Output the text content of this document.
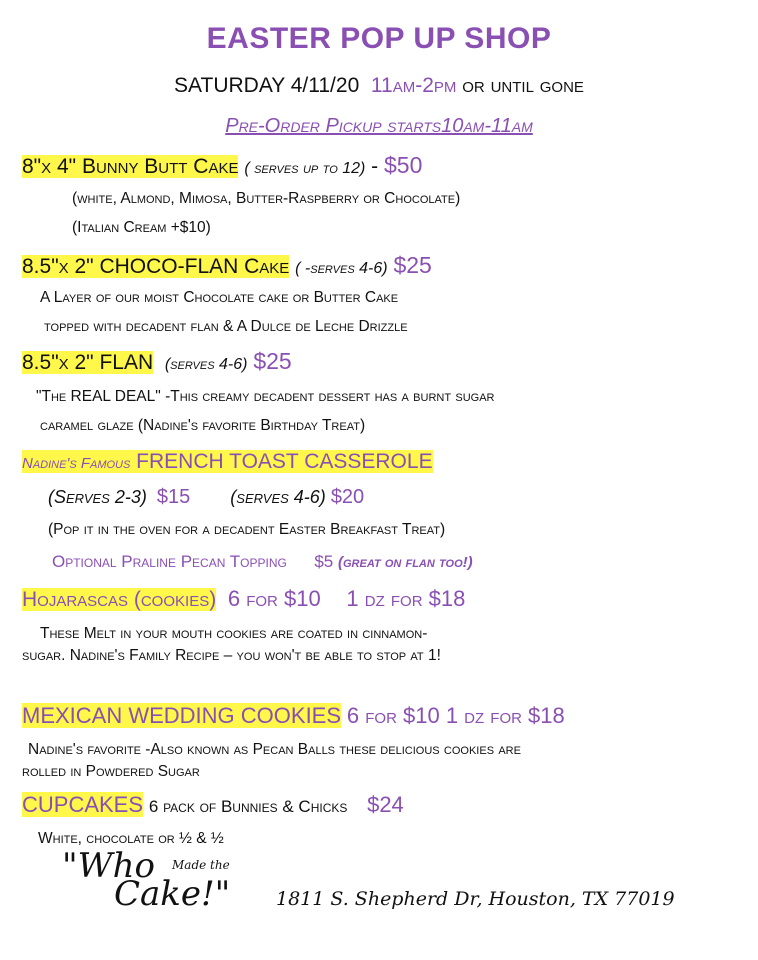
EASTER POP UP SHOP
SATURDAY 4/11/20 11am-2pm or until gone
Pre-Order Pickup starts10am-11am
8"x 4" Bunny Butt Cake ( serves up to 12) - $50
(white, Almond, Mimosa, Butter-Raspberry or Chocolate)
(Italian Cream +$10)
8.5"x 2" CHOCO-FLAN Cake ( -serves 4-6) $25
A Layer of our moist Chocolate cake or Butter Cake
topped with decadent flan & A Dulce de Leche Drizzle
8.5"x 2" FLAN (serves 4-6) $25
"The REAL DEAL" -This creamy decadent dessert has a burnt sugar
caramel glaze (Nadine's favorite Birthday Treat)
Nadine's Famous FRENCH TOAST CASSEROLE
(Serves 2-3) $15 (serves 4-6) $20
(Pop it in the oven for a decadent Easter Breakfast Treat)
Optional Praline Pecan Topping $5 (great on flan too!)
Hojarascas (cookies) 6 for $10 1 dz for $18
These Melt in your mouth cookies are coated in cinnamon-
sugar. Nadine's Family Recipe – you won't be able to stop at 1!
MEXICAN WEDDING COOKIES 6 for $10 1 dz for $18
Nadine's favorite -Also known as Pecan Balls these delicious cookies are
rolled in Powdered Sugar
CUPCAKES 6 pack of Bunnies & Chicks $24
White, chocolate or ½ & ½
"Who Made the
Cake!" 1811 S. Shepherd Dr, Houston, TX 77019
